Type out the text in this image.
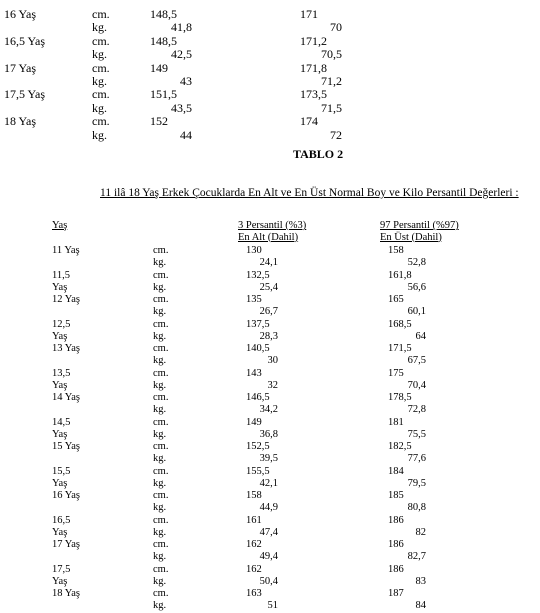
16 Yaş	cm.	148,5	171
kg.	41,8	70
16,5 Yaş	cm.	148,5	171,2
kg.	42,5	70,5
17 Yaş	cm.	149	171,8
kg.	43	71,2
17,5 Yaş	cm.	151,5	173,5
kg.	43,5	71,5
18 Yaş	cm.	152	174
kg.	44	72
TABLO 2
11 ilâ 18 Yaş Erkek Çocuklarda En Alt ve En Üst Normal Boy ve Kilo Persantil Değerleri :
Yaş	3 Persantil (%3)
En Alt (Dahil)
97 Persantil (%97)
En Üst (Dahil)
11 Yaş	cm.	130	158
kg.	24,1	52,8
11,5	cm.	132,5	161,8
Yaş	kg.	25,4	56,6
12 Yaş	cm.	135	165
kg.	26,7	60,1
12,5	cm.	137,5	168,5
Yaş	kg.	28,3	64
13 Yaş	cm.	140,5	171,5
kg.	30	67,5
13,5	cm.	143	175
Yaş	kg.	32	70,4
14 Yaş	cm.	146,5	178,5
kg.	34,2	72,8
14,5	cm.	149	181
Yaş	kg.	36,8	75,5
15 Yaş	cm.	152,5	182,5
kg.	39,5	77,6
15,5	cm.	155,5	184
Yaş	kg.	42,1	79,5
16 Yaş	cm.	158	185
kg.	44,9	80,8
16,5	cm.	161	186
Yaş	kg.	47,4	82
17 Yaş	cm.	162	186
kg.	49,4	82,7
17,5	cm.	162	186
Yaş	kg.	50,4	83
18 Yaş	cm.	163	187
kg.	51	84
